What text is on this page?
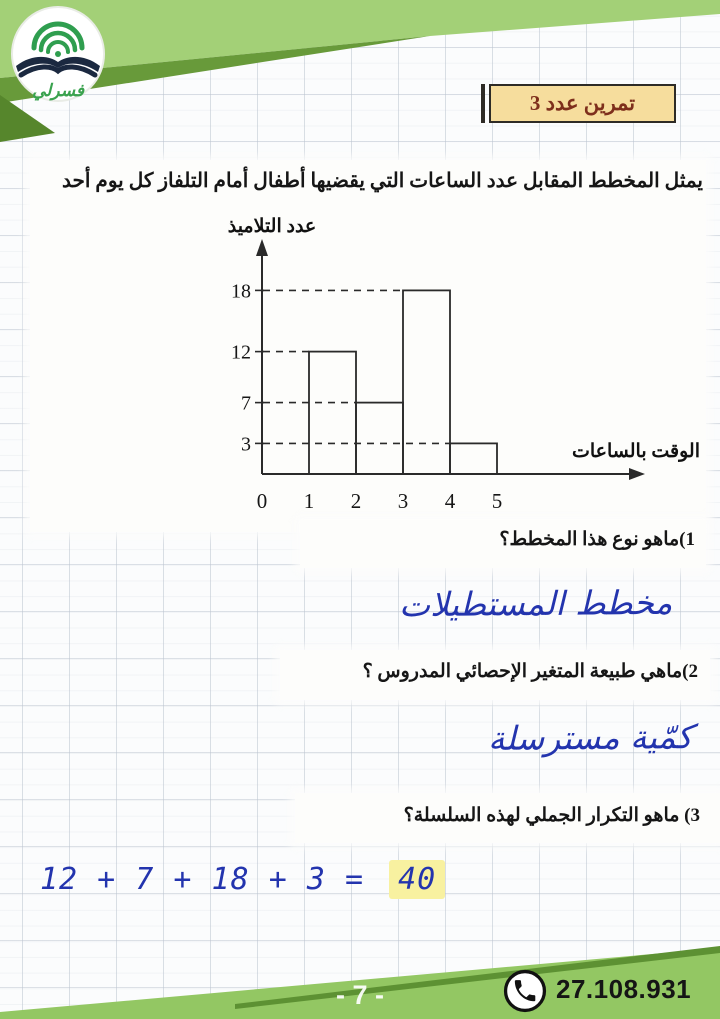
فسرلي
تمرين عدد 3
يمثل المخطط المقابل عدد الساعات التي يقضيها أطفال أمام التلفاز كل يوم أحد
عدد التلاميذ
الوقت بالساعات
3
7
12
18
0 1 2 3 4 5
1)ماهو نوع هذا المخطط؟
مخطط المستطيلات
2)ماهي طبيعة المتغير الإحصائي المدروس ؟
كمّية مسترسلة
3) ماهو التكرار الجملي لهذه السلسلة؟
12 + 7 + 18 + 3 = 40
- 7 -	27.108.931
